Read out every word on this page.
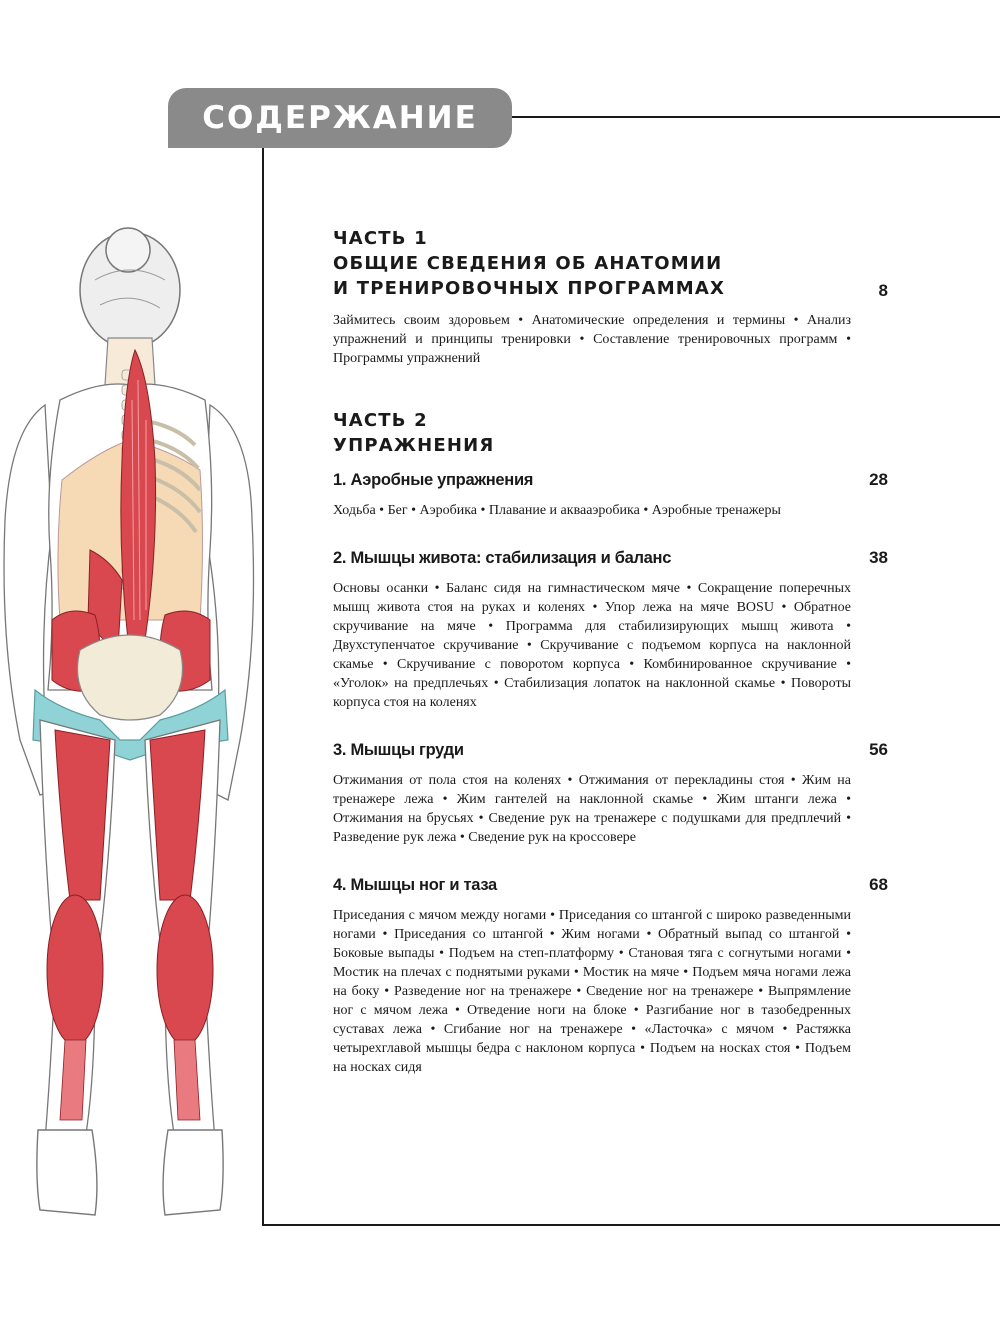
СОДЕРЖАНИЕ
ЧАСТЬ 1
ОБЩИЕ СВЕДЕНИЯ ОБ АНАТОМИИ
И ТРЕНИРОВОЧНЫХ ПРОГРАММАХ	8
Займитесь своим здоровьем • Анатомические определения и термины • Анализ упражнений и принципы тренировки • Составление тренировочных программ • Программы упражнений
ЧАСТЬ 2
УПРАЖНЕНИЯ
1. Аэробные упражнения	28
Ходьба • Бег • Аэробика • Плавание и аквааэробика • Аэробные тренажеры
2. Мышцы живота: стабилизация и баланс	38
Основы осанки • Баланс сидя на гимнастическом мяче • Сокращение поперечных мышц живота стоя на руках и коленях • Упор лежа на мяче BOSU • Обратное скручивание на мяче • Программа для стабилизирующих мышц живота • Двухступенчатое скручивание • Скручивание с подъемом корпуса на наклонной скамье • Скручивание с поворотом корпуса • Комбинированное скручивание • «Уголок» на предплечьях • Стабилизация лопаток на наклонной скамье • Повороты корпуса стоя на коленях
3. Мышцы груди	56
Отжимания от пола стоя на коленях • Отжимания от перекладины стоя • Жим на тренажере лежа • Жим гантелей на наклонной скамье • Жим штанги лежа • Отжимания на брусьях • Сведение рук на тренажере с подушками для предплечий • Разведение рук лежа • Сведение рук на кроссовере
4. Мышцы ног и таза	68
Приседания с мячом между ногами • Приседания со штангой с широко разведенными ногами • Приседания со штангой • Жим ногами • Обратный выпад со штангой • Боковые выпады • Подъем на степ-платформу • Становая тяга с согнутыми ногами • Мостик на плечах с поднятыми руками • Мостик на мяче • Подъем мяча ногами лежа на боку • Разведение ног на тренажере • Сведение ног на тренажере • Выпрямление ног с мячом лежа • Отведение ноги на блоке • Разгибание ног в тазобедренных суставах лежа • Сгибание ног на тренажере • «Ласточка» с мячом • Растяжка четырехглавой мышцы бедра с наклоном корпуса • Подъем на носках стоя • Подъем на носках сидя
